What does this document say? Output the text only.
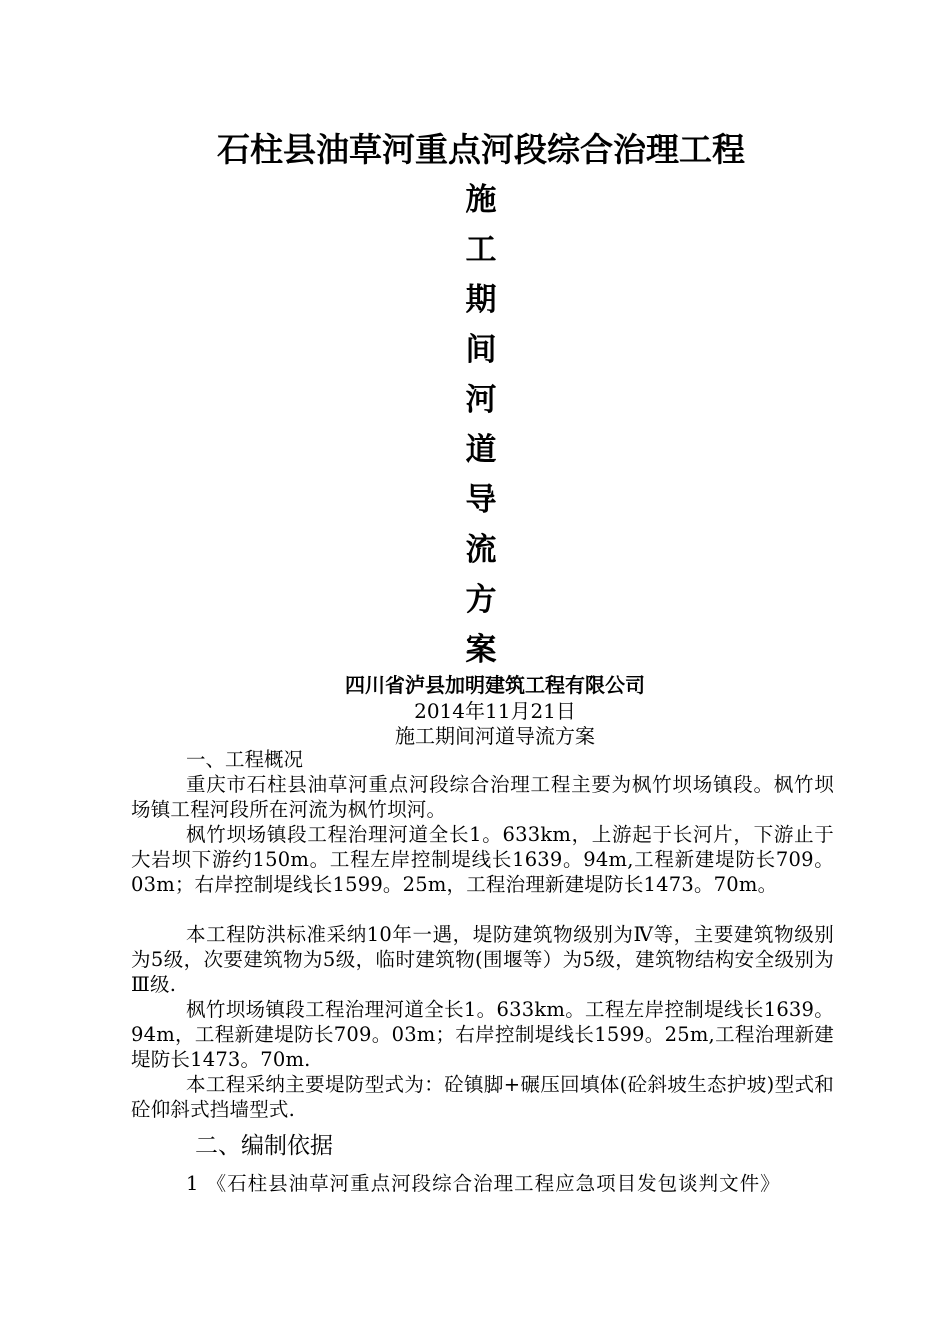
石柱县油草河重点河段综合治理工程
施
工
期
间
河
道
导
流
方
案
四川省泸县加明建筑工程有限公司
2014年11月21日
施工期间河道导流方案
一、工程概况
重庆市石柱县油草河重点河段综合治理工程主要为枫竹坝场镇段。枫竹坝场镇工程河段所在河流为枫竹坝河。
枫竹坝场镇段工程治理河道全长1。633km，上游起于长河片，下游止于大岩坝下游约150m。工程左岸控制堤线长1639。94m,工程新建堤防长709。03m；右岸控制堤线长1599。25m，工程治理新建堤防长1473。70m。
本工程防洪标准采纳10年一遇，堤防建筑物级别为Ⅳ等，主要建筑物级别为5级，次要建筑物为5级，临时建筑物(围堰等）为5级，建筑物结构安全级别为Ⅲ级.
枫竹坝场镇段工程治理河道全长1。633km。工程左岸控制堤线长1639。94m，工程新建堤防长709。03m；右岸控制堤线长1599。25m,工程治理新建堤防长1473。70m.
本工程采纳主要堤防型式为：砼镇脚+碾压回填体(砼斜坡生态护坡)型式和砼仰斜式挡墙型式.
二、编制依据
1 《石柱县油草河重点河段综合治理工程应急项目发包谈判文件》
